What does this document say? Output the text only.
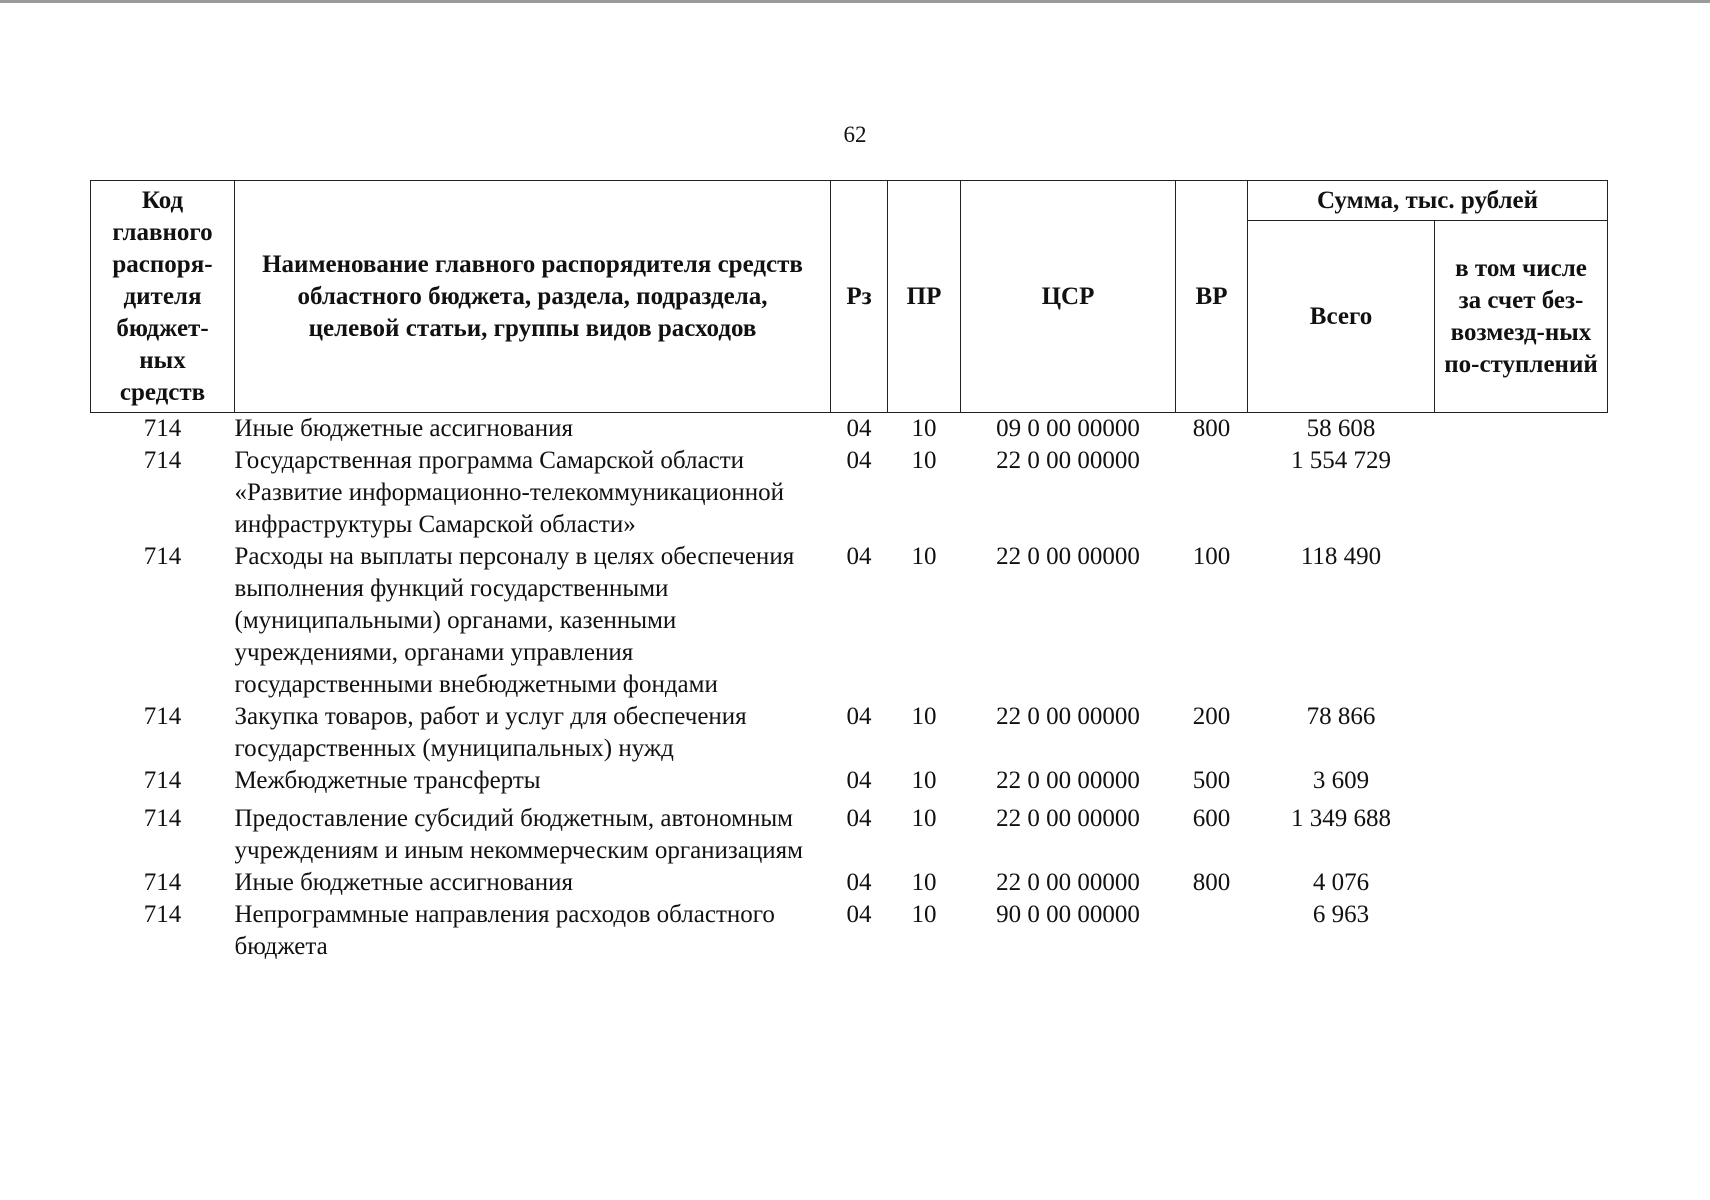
62
Код главного распоря-дителя бюджет-ных средств	Наименование главного распорядителя средств областного бюджета, раздела, подраздела, целевой статьи, группы видов расходов	Рз	ПР	ЦСР	ВР	Сумма, тыс. рублей	
						Всего	в том числе за счет без-возмезд-ных по-ступлений
714	Иные бюджетные ассигнования	04	10	09 0 00 00000	800	58 608	
714	Государственная программа Самарской области «Развитие информационно-телекоммуникационной инфраструктуры Самарской области»	04	10	22 0 00 00000		1 554 729	
714	Расходы на выплаты персоналу в целях обеспечения выполнения функций государственными (муниципальными) органами, казенными учреждениями, органами управления государственными внебюджетными фондами	04	10	22 0 00 00000	100	118 490	
714	Закупка товаров, работ и услуг для обеспечения государственных (муниципальных) нужд	04	10	22 0 00 00000	200	78 866	
714	Межбюджетные трансферты	04	10	22 0 00 00000	500	3 609	
714	Предоставление субсидий бюджетным, автономным учреждениям и иным некоммерческим организациям	04	10	22 0 00 00000	600	1 349 688	
714	Иные бюджетные ассигнования	04	10	22 0 00 00000	800	4 076	
714	Непрограммные направления расходов областного бюджета	04	10	90 0 00 00000		6 963	
